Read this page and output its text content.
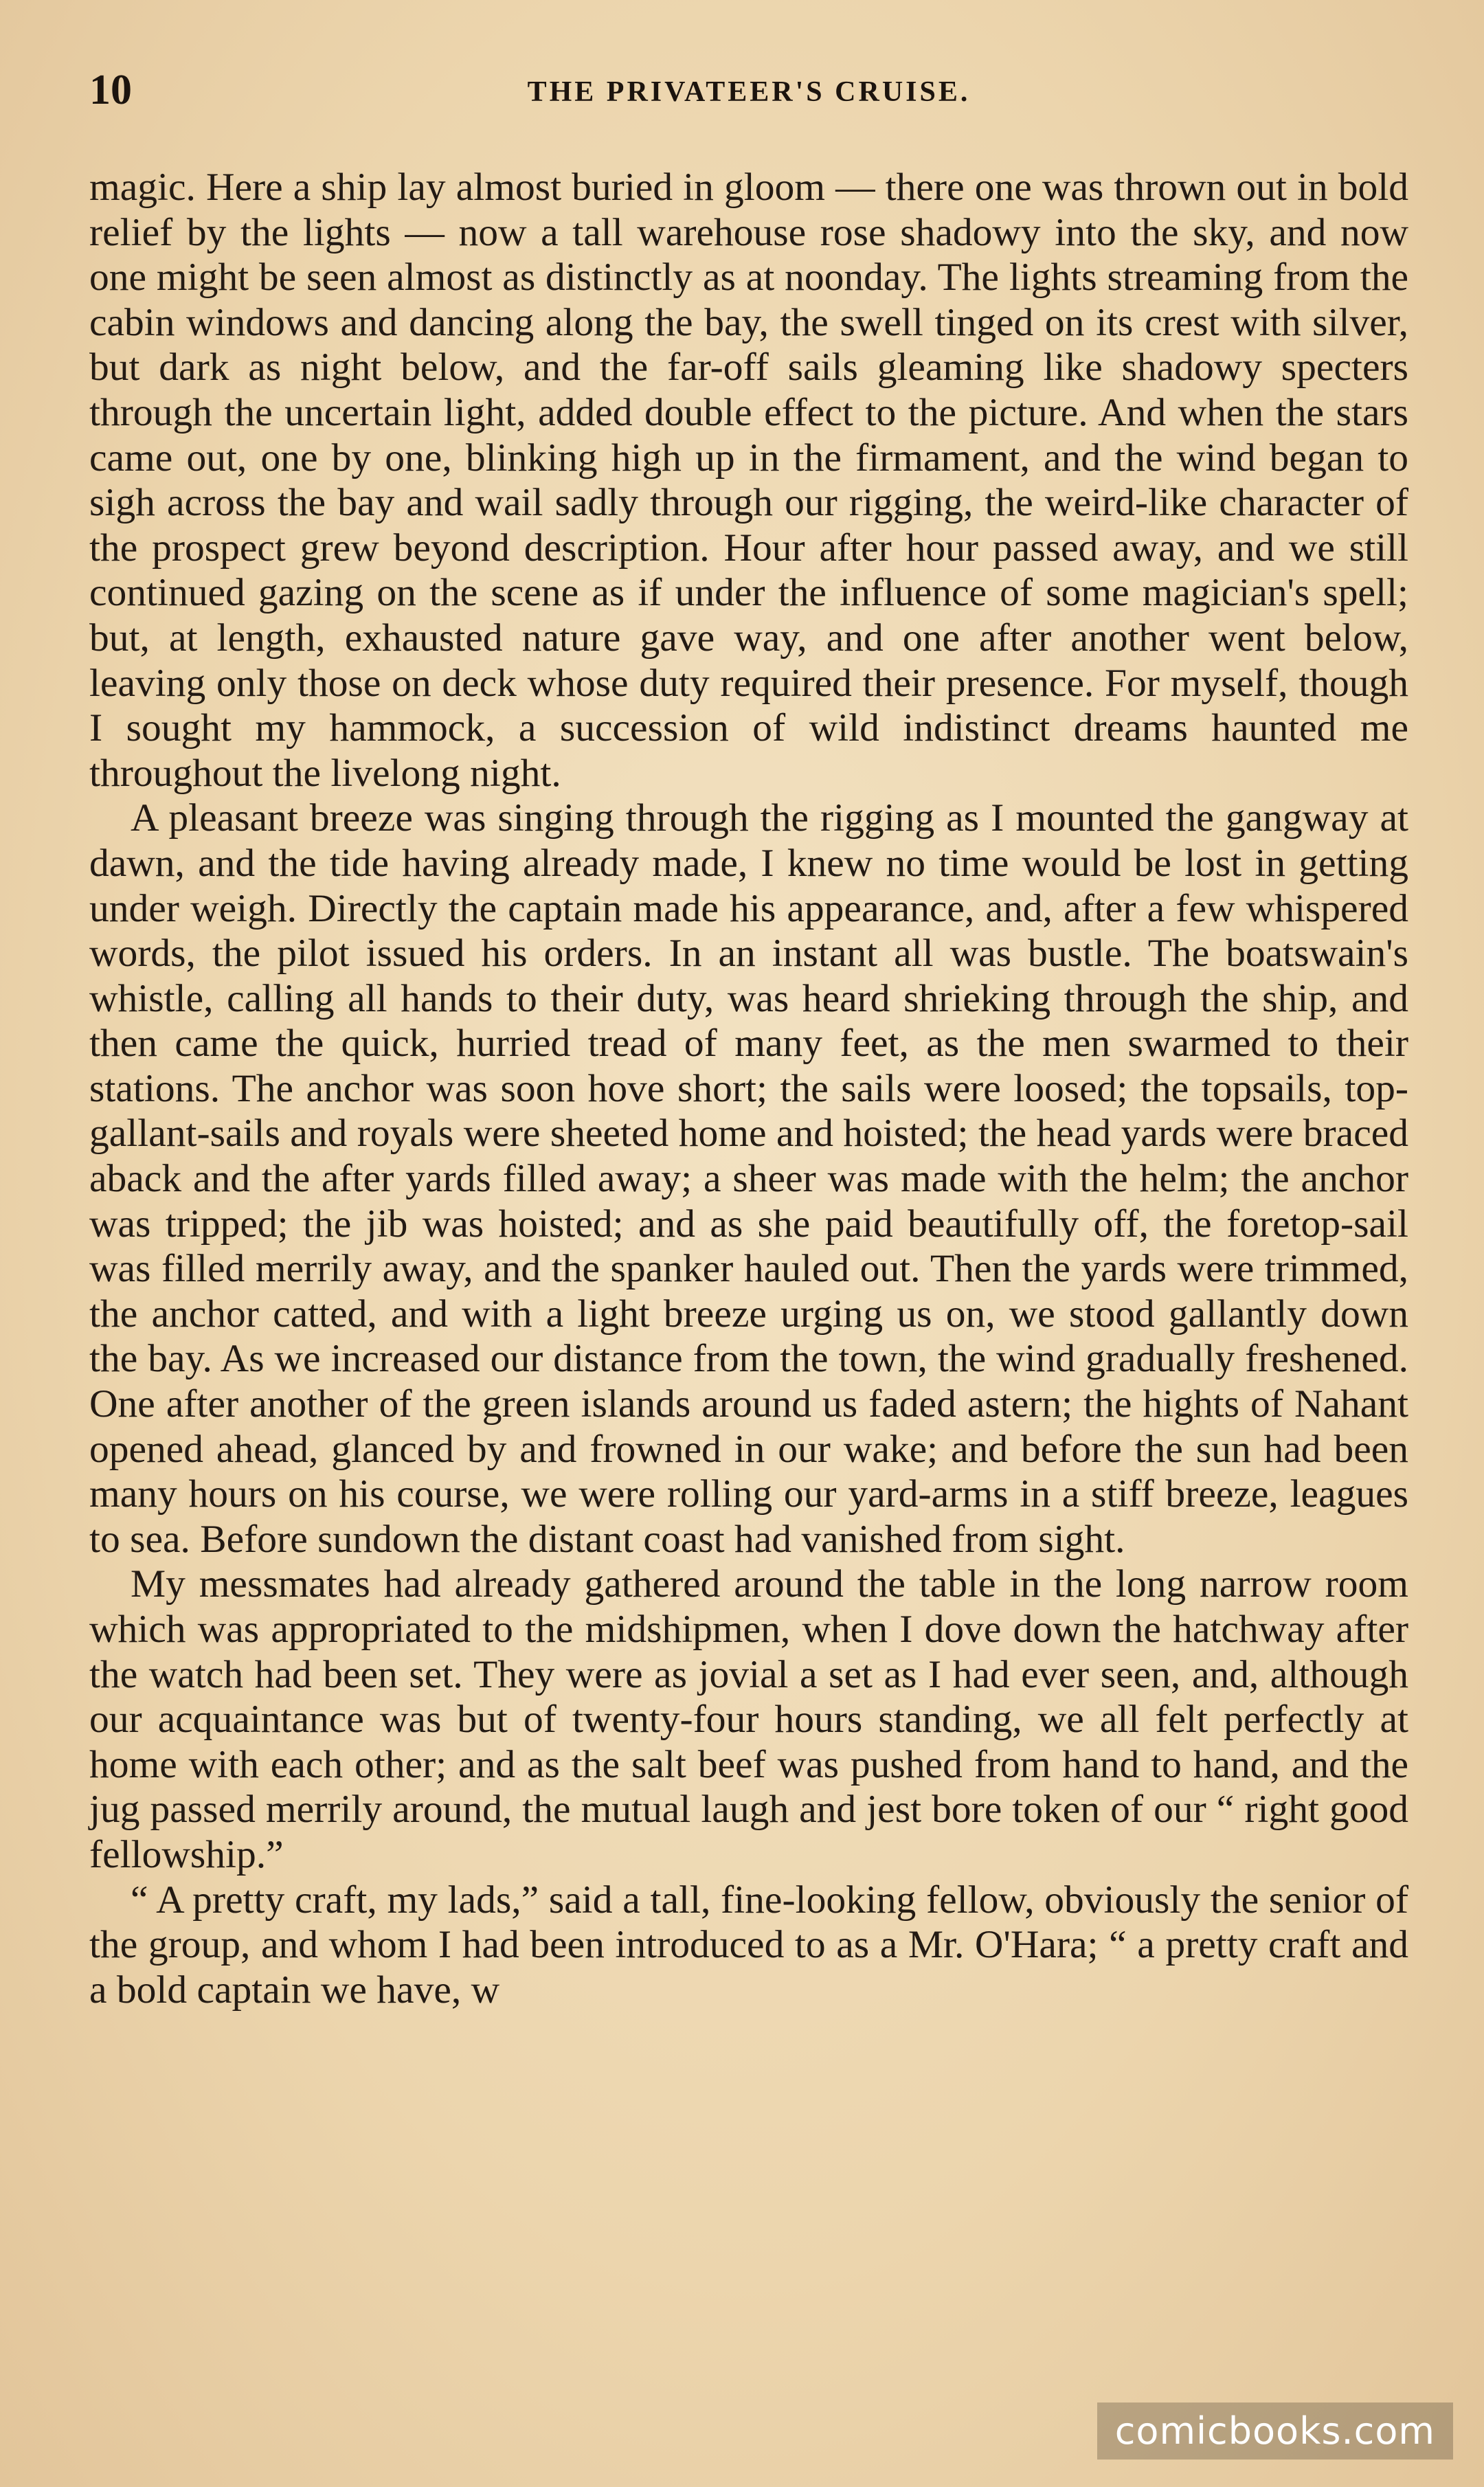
10	THE PRIVATEER'S CRUISE.

magic. Here a ship lay almost buried in gloom — there one was thrown out in bold relief by the lights — now a tall warehouse rose shadowy into the sky, and now one might be seen almost as distinctly as at noonday. The lights streaming from the cabin windows and dancing along the bay, the swell tinged on its crest with silver, but dark as night below, and the far-off sails gleaming like shadowy specters through the uncertain light, added double effect to the picture. And when the stars came out, one by one, blinking high up in the firmament, and the wind began to sigh across the bay and wail sadly through our rigging, the weird-like character of the prospect grew beyond description. Hour after hour passed away, and we still continued gazing on the scene as if under the influence of some magician's spell; but, at length, exhausted nature gave way, and one after another went below, leaving only those on deck whose duty required their presence. For myself, though I sought my hammock, a succession of wild indistinct dreams haunted me throughout the livelong night.

A pleasant breeze was singing through the rigging as I mounted the gangway at dawn, and the tide having already made, I knew no time would be lost in getting under weigh. Directly the captain made his appearance, and, after a few whispered words, the pilot issued his orders. In an instant all was bustle. The boatswain's whistle, calling all hands to their duty, was heard shrieking through the ship, and then came the quick, hurried tread of many feet, as the men swarmed to their stations. The anchor was soon hove short; the sails were loosed; the topsails, top-gallant-sails and royals were sheeted home and hoisted; the head yards were braced aback and the after yards filled away; a sheer was made with the helm; the anchor was tripped; the jib was hoisted; and as she paid beautifully off, the foretop-sail was filled merrily away, and the spanker hauled out. Then the yards were trimmed, the anchor catted, and with a light breeze urging us on, we stood gallantly down the bay. As we increased our distance from the town, the wind gradually freshened. One after another of the green islands around us faded astern; the hights of Nahant opened ahead, glanced by and frowned in our wake; and before the sun had been many hours on his course, we were rolling our yard-arms in a stiff breeze, leagues to sea. Before sundown the distant coast had vanished from sight.

My messmates had already gathered around the table in the long narrow room which was appropriated to the midshipmen, when I dove down the hatchway after the watch had been set. They were as jovial a set as I had ever seen, and, although our acquaintance was but of twenty-four hours standing, we all felt perfectly at home with each other; and as the salt beef was pushed from hand to hand, and the jug passed merrily around, the mutual laugh and jest bore token of our “ right good fellowship.”

“ A pretty craft, my lads,” said a tall, fine-looking fellow, obviously the senior of the group, and whom I had been introduced to as a Mr. O'Hara; “ a pretty craft and a bold captain we have, w

comicbooks.com
